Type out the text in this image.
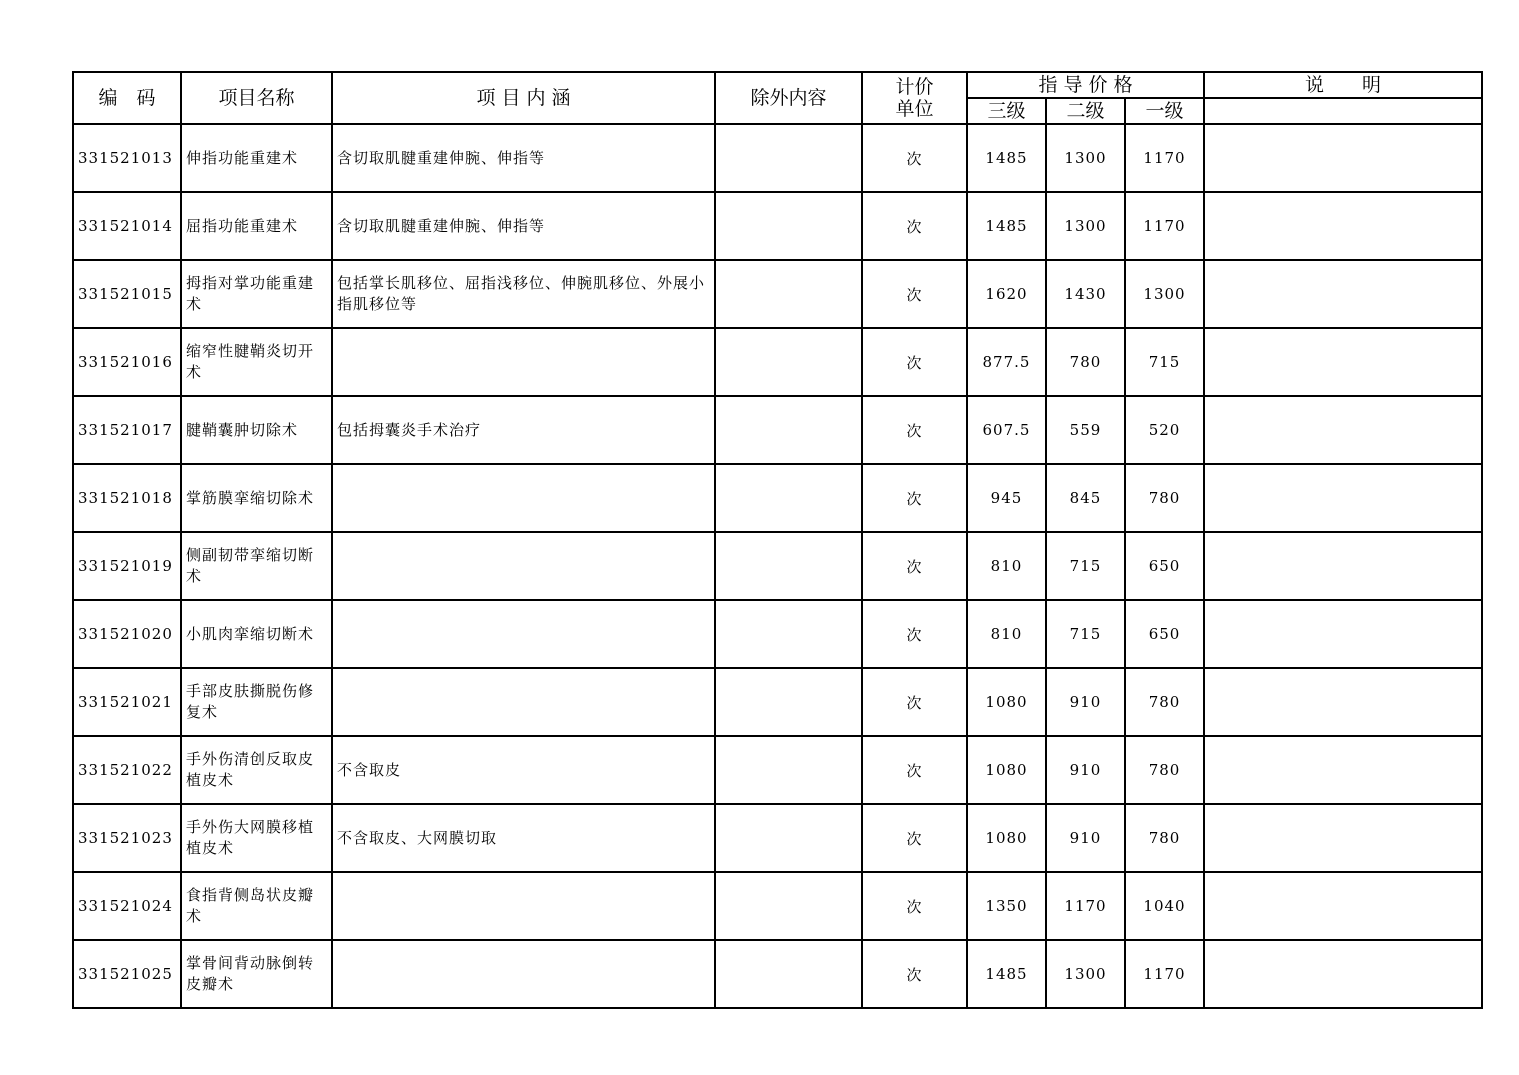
编　码	项目名称	项 目 内 涵	除外内容	计价
单位	指 导 价 格			说　　明
					三级	二级	一级	
331521013	伸指功能重建术	含切取肌腱重建伸腕、伸指等		次	1485	1300	1170	
331521014	屈指功能重建术	含切取肌腱重建伸腕、伸指等		次	1485	1300	1170	
331521015	拇指对掌功能重建术	包括掌长肌移位、屈指浅移位、伸腕肌移位、外展小指肌移位等		次	1620	1430	1300	
331521016	缩窄性腱鞘炎切开术			次	877.5	780	715	
331521017	腱鞘囊肿切除术	包括拇囊炎手术治疗		次	607.5	559	520	
331521018	掌筋膜挛缩切除术			次	945	845	780	
331521019	侧副韧带挛缩切断术			次	810	715	650	
331521020	小肌肉挛缩切断术			次	810	715	650	
331521021	手部皮肤撕脱伤修复术			次	1080	910	780	
331521022	手外伤清创反取皮植皮术	不含取皮		次	1080	910	780	
331521023	手外伤大网膜移植植皮术	不含取皮、大网膜切取		次	1080	910	780	
331521024	食指背侧岛状皮瓣术			次	1350	1170	1040	
331521025	掌骨间背动脉倒转皮瓣术			次	1485	1300	1170	
